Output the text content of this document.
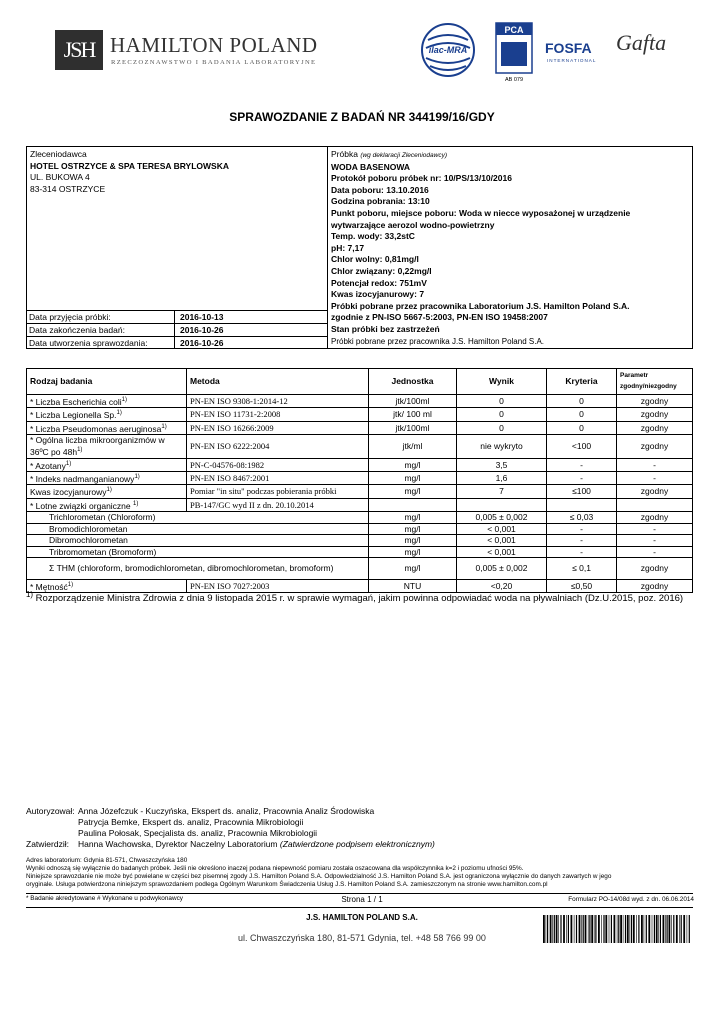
JSH HAMILTON POLAND
RZECZOZNAWSTWO I BADANIA LABORATORYJNE
ilac-MRA
PCA
AB 079
FOSFA
INTERNATIONAL
Gafta
SPRAWOZDANIE Z BADAŃ NR 344199/16/GDY
Zleceniodawca
HOTEL OSTRZYCE & SPA TERESA BRYLOWSKA
UL. BUKOWA 4
83-314 OSTRZYCE
Próbka (wg deklaracji Zleceniodawcy)
WODA BASENOWA
Protokół poboru próbek nr: 10/PS/13/10/2016
Data poboru: 13.10.2016
Godzina pobrania: 13:10
Punkt poboru, miejsce poboru: Woda w niecce wyposażonej w urządzenie
wytwarzające aerozol wodno-powietrzny
Temp. wody: 33,2stC
pH: 7,17
Chlor wolny: 0,81mg/l
Chlor związany: 0,22mg/l
Potencjał redox: 751mV
Kwas izocyjanurowy: 7
Próbki pobrane przez pracownika Laboratorium J.S. Hamilton Poland S.A.
zgodnie z PN-ISO 5667-5:2003, PN-EN ISO 19458:2007
Stan próbki bez zastrzeżeń
Próbki pobrane przez pracownika J.S. Hamilton Poland S.A.
Data przyjęcia próbki:	2016-10-13
Data zakończenia badań:	2016-10-26
Data utworzenia sprawozdania:	2016-10-26
Rodzaj badania	Metoda	Jednostka	Wynik	Kryteria	Parametr zgodny/niezgodny
* Liczba Escherichia coli$^{1)}$	PN-EN ISO 9308-1:2014-12	jtk/100ml	0	0	zgodny
* Liczba Legionella Sp.$^{1)}$	PN-EN ISO 11731-2:2008	jtk/ 100 ml	0	0	zgodny
* Liczba Pseudomonas aeruginosa$^{1)}$	PN-EN ISO 16266:2009	jtk/100ml	0	0	zgodny
* Ogólna liczba mikroorganizmów w 36ºC po $48h^{1)}$	PN-EN ISO 6222:2004	jtk/ml	nie wykryto	<100	zgodny
* Azotany$^{1)}$	PN-C-04576-08:1982	mg/l	3,5	-	-
* Indeks nadmanganianowy$^{1)}$	PN-EN ISO 8467:2001	mg/l	1,6	-	-
Kwas izocyjanurowy$^{1)}$	Pomiar "in situ" podczas pobierania próbki	mg/l	7	≤100	zgodny
* Lotne związki organiczne $^{1)}$	PB-147/GC wyd II z dn. 20.10.2014				
Trichlorometan (Chloroform)		mg/l	0,005 ± 0,002	≤ 0,03	zgodny
Bromodichlorometan		mg/l	< 0,001	-	-
Dibromochlorometan		mg/l	< 0,001	-	-
Tribromometan (Bromoform)		mg/l	< 0,001	-	-
Σ THM (chloroform, bromodichlorometan, dibromochlorometan, bromoform)		mg/l	0,005 ± 0,002	≤ 0,1	zgodny
* Mętność$^{1)}$	PN-EN ISO 7027:2003	NTU	<0,20	≤0,50	zgodny
$^{1)}$ Rozporządzenie Ministra Zdrowia z dnia 9 listopada 2015 r. w sprawie wymagań, jakim powinna odpowiadać woda na pływalniach (Dz.U.2015, poz. 2016)
Autoryzował: Anna Józefczuk - Kuczyńska, Ekspert ds. analiz, Pracownia Analiz Środowiska
Patrycja Bemke, Ekspert ds. analiz, Pracownia Mikrobiologii
Paulina Połosak, Specjalista ds. analiz, Pracownia Mikrobiologii
Zatwierdził:	Hanna Wachowska, Dyrektor Naczelny Laboratorium (Zatwierdzone podpisem elektronicznym)
Adres laboratorium: Gdynia 81-571, Chwaszczyńska 180
Wyniki odnoszą się wyłącznie do badanych próbek. Jeśli nie określono inaczej podana niepewność pomiaru została oszacowana dla współczynnika k=2 i poziomu ufności 95%.
Niniejsze sprawozdanie nie może być powielane w części bez pisemnej zgody J.S. Hamilton Poland S.A. Odpowiedzialność J.S. Hamilton Poland S.A. jest ograniczona wyłącznie do danych zawartych w jego
oryginale. Usługa potwierdzona niniejszym sprawozdaniem podlega Ogólnym Warunkom Świadczenia Usług J.S. Hamilton Poland S.A. zamieszczonym na stronie www.hamilton.com.pl
* Badanie akredytowane # Wykonane u podwykonawcy	Strona 1 / 1	Formularz PO-14/08d wyd. z dn. 06.06.2014
J.S. HAMILTON POLAND S.A.
ul. Chwaszczyńska 180, 81-571 Gdynia, tel. +48 58 766 99 00
